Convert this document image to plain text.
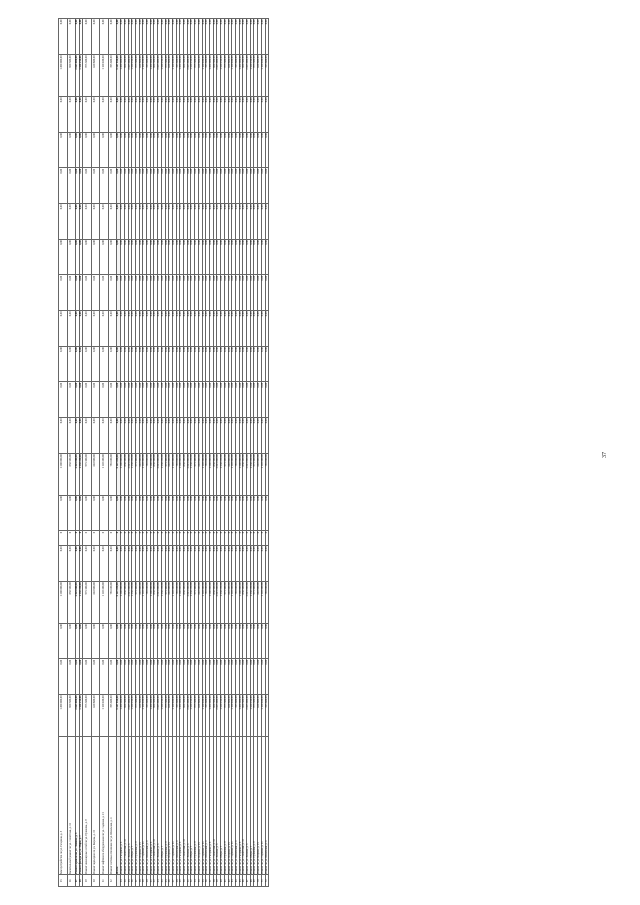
25	Благоустройство по ул. Гагарина, д. 5	1 200 000,00	0,00	0,00	1 200 000,00	0,00	0	0,00	1 200 000,00	0,00	0,00	0,00	0,00	0,00	0,00	0,00	0,00	0,00	0,00	1 200 000,00	0,00
26	Капитальный ремонт по ул. Советская, д. 12	850 500,00	0,00	0,00	850 500,00	0,00	0	0,00	850 500,00	0,00	0,00	0,00	0,00	0,00	0,00	0,00	0,00	0,00	0,00	850 500,00	0,00
27	Ремонт кровли по ул. Ленина, д. 3	2 045 000,00	0,00	0,00	2 045 000,00	0,00	0	0,00	2 045 000,00	0,00	0,00	0,00	0,00	0,00	0,00	0,00	0,00	0,00	0,00	2 045 000,00	0,00
28	Ремонт фасада по ул. Мира, д. 7	1 530 250,00	0,00	0,00	1 530 250,00	0,00	0	0,00	1 530 250,00	0,00	0,00	0,00	0,00	0,00	0,00	0,00	0,00	0,00	0,00	1 530 250,00	0,00
29	Ремонт инженерных сетей по ул. Пушкина, д. 9	975 300,00	0,00	0,00	975 300,00	0,00	0	0,00	975 300,00	0,00	0,00	0,00	0,00	0,00	0,00	0,00	0,00	0,00	0,00	975 300,00	0,00
30	Ремонт подъездов по ул. Кирова, д. 15	640 800,00	0,00	0,00	640 800,00	0,00	0	0,00	640 800,00	0,00	0,00	0,00	0,00	0,00	0,00	0,00	0,00	0,00	0,00	640 800,00	0,00
31	Ремонт лифтового оборудования по ул. Садовая, д. 21	1 120 400,00	0,00	0,00	1 120 400,00	0,00	0	0,00	1 120 400,00	0,00	0,00	0,00	0,00	0,00	0,00	0,00	0,00	0,00	0,00	1 120 400,00	0,00
32	Ремонт системы отопления по ул. Школьная, д. 4	785 600,00	0,00	0,00	785 600,00	0,00	0	0,00	785 600,00	0,00	0,00	0,00	0,00	0,00	0,00	0,00	0,00	0,00	0,00	785 600,00	0,00
	Итого	9 147 850,00	0,00	0,00	9 147 850,00	0,00	0	0,00	9 147 850,00	0,00	0,00	0,00	0,00	0,00	0,00	0,00	0,00	0,00	0,00	9 147 850,00	0,00
33	Ремонт по ул. Гагарина, д. 5	1 200 000,00	0,00	0,00	1 200 000,00	0,00	0	0,00	1 200 000,00	0,00	0,00	0,00	0,00	0,00	0,00	0,00	0,00	0,00	0,00	1 200 000,00	0,00
34	Ремонт по ул. Советская, д. 12	850 500,00	0,00	0,00	850 500,00	0,00	0	0,00	850 500,00	0,00	0,00	0,00	0,00	0,00	0,00	0,00	0,00	0,00	0,00	850 500,00	0,00
35	Ремонт по ул. Ленина, д. 3	2 045 000,00	0,00	0,00	2 045 000,00	0,00	0	0,00	2 045 000,00	0,00	0,00	0,00	0,00	0,00	0,00	0,00	0,00	0,00	0,00	2 045 000,00	0,00
36	Ремонт по ул. Мира, д. 7	1 530 250,00	0,00	0,00	1 530 250,00	0,00	0	0,00	1 530 250,00	0,00	0,00	0,00	0,00	0,00	0,00	0,00	0,00	0,00	0,00	1 530 250,00	0,00
37	Ремонт по ул. Пушкина, д. 9	975 300,00	0,00	0,00	975 300,00	0,00	0	0,00	975 300,00	0,00	0,00	0,00	0,00	0,00	0,00	0,00	0,00	0,00	0,00	975 300,00	0,00
38	Ремонт по ул. Кирова, д. 15	640 800,00	0,00	0,00	640 800,00	0,00	0	0,00	640 800,00	0,00	0,00	0,00	0,00	0,00	0,00	0,00	0,00	0,00	0,00	640 800,00	0,00
39	Ремонт по ул. Садовая, д. 21	1 120 400,00	0,00	0,00	1 120 400,00	0,00	0	0,00	1 120 400,00	0,00	0,00	0,00	0,00	0,00	0,00	0,00	0,00	0,00	0,00	1 120 400,00	0,00
40	Ремонт по ул. Школьная, д. 4	785 600,00	0,00	0,00	785 600,00	0,00	0	0,00	785 600,00	0,00	0,00	0,00	0,00	0,00	0,00	0,00	0,00	0,00	0,00	785 600,00	0,00
41	Ремонт по ул. Гагарина, д. 5	1 200 000,00	0,00	0,00	1 200 000,00	0,00	0	0,00	1 200 000,00	0,00	0,00	0,00	0,00	0,00	0,00	0,00	0,00	0,00	0,00	1 200 000,00	0,00
42	Ремонт по ул. Советская, д. 12	850 500,00	0,00	0,00	850 500,00	0,00	0	0,00	850 500,00	0,00	0,00	0,00	0,00	0,00	0,00	0,00	0,00	0,00	0,00	850 500,00	0,00
43	Ремонт по ул. Ленина, д. 3	2 045 000,00	0,00	0,00	2 045 000,00	0,00	0	0,00	2 045 000,00	0,00	0,00	0,00	0,00	0,00	0,00	0,00	0,00	0,00	0,00	2 045 000,00	0,00
44	Ремонт по ул. Мира, д. 7	1 530 250,00	0,00	0,00	1 530 250,00	0,00	0	0,00	1 530 250,00	0,00	0,00	0,00	0,00	0,00	0,00	0,00	0,00	0,00	0,00	1 530 250,00	0,00
45	Ремонт по ул. Пушкина, д. 9	975 300,00	0,00	0,00	975 300,00	0,00	0	0,00	975 300,00	0,00	0,00	0,00	0,00	0,00	0,00	0,00	0,00	0,00	0,00	975 300,00	0,00
46	Ремонт по ул. Кирова, д. 15	640 800,00	0,00	0,00	640 800,00	0,00	0	0,00	640 800,00	0,00	0,00	0,00	0,00	0,00	0,00	0,00	0,00	0,00	0,00	640 800,00	0,00
47	Ремонт по ул. Садовая, д. 21	1 120 400,00	0,00	0,00	1 120 400,00	0,00	0	0,00	1 120 400,00	0,00	0,00	0,00	0,00	0,00	0,00	0,00	0,00	0,00	0,00	1 120 400,00	0,00
48	Ремонт по ул. Школьная, д. 4	785 600,00	0,00	0,00	785 600,00	0,00	0	0,00	785 600,00	0,00	0,00	0,00	0,00	0,00	0,00	0,00	0,00	0,00	0,00	785 600,00	0,00
49	Ремонт по ул. Гагарина, д. 5	1 200 000,00	0,00	0,00	1 200 000,00	0,00	0	0,00	1 200 000,00	0,00	0,00	0,00	0,00	0,00	0,00	0,00	0,00	0,00	0,00	1 200 000,00	0,00
50	Ремонт по ул. Советская, д. 12	850 500,00	0,00	0,00	850 500,00	0,00	0	0,00	850 500,00	0,00	0,00	0,00	0,00	0,00	0,00	0,00	0,00	0,00	0,00	850 500,00	0,00
51	Ремонт по ул. Ленина, д. 3	2 045 000,00	0,00	0,00	2 045 000,00	0,00	0	0,00	2 045 000,00	0,00	0,00	0,00	0,00	0,00	0,00	0,00	0,00	0,00	0,00	2 045 000,00	0,00
52	Ремонт по ул. Мира, д. 7	1 530 250,00	0,00	0,00	1 530 250,00	0,00	0	0,00	1 530 250,00	0,00	0,00	0,00	0,00	0,00	0,00	0,00	0,00	0,00	0,00	1 530 250,00	0,00
53	Ремонт по ул. Пушкина, д. 9	975 300,00	0,00	0,00	975 300,00	0,00	0	0,00	975 300,00	0,00	0,00	0,00	0,00	0,00	0,00	0,00	0,00	0,00	0,00	975 300,00	0,00
54	Ремонт по ул. Кирова, д. 15	640 800,00	0,00	0,00	640 800,00	0,00	0	0,00	640 800,00	0,00	0,00	0,00	0,00	0,00	0,00	0,00	0,00	0,00	0,00	640 800,00	0,00
55	Ремонт по ул. Садовая, д. 21	1 120 400,00	0,00	0,00	1 120 400,00	0,00	0	0,00	1 120 400,00	0,00	0,00	0,00	0,00	0,00	0,00	0,00	0,00	0,00	0,00	1 120 400,00	0,00
56	Ремонт по ул. Школьная, д. 4	785 600,00	0,00	0,00	785 600,00	0,00	0	0,00	785 600,00	0,00	0,00	0,00	0,00	0,00	0,00	0,00	0,00	0,00	0,00	785 600,00	0,00
57	Ремонт по ул. Гагарина, д. 5	1 200 000,00	0,00	0,00	1 200 000,00	0,00	0	0,00	1 200 000,00	0,00	0,00	0,00	0,00	0,00	0,00	0,00	0,00	0,00	0,00	1 200 000,00	0,00
58	Ремонт по ул. Советская, д. 12	850 500,00	0,00	0,00	850 500,00	0,00	0	0,00	850 500,00	0,00	0,00	0,00	0,00	0,00	0,00	0,00	0,00	0,00	0,00	850 500,00	0,00
59	Ремонт по ул. Ленина, д. 3	2 045 000,00	0,00	0,00	2 045 000,00	0,00	0	0,00	2 045 000,00	0,00	0,00	0,00	0,00	0,00	0,00	0,00	0,00	0,00	0,00	2 045 000,00	0,00
60	Ремонт по ул. Мира, д. 7	1 530 250,00	0,00	0,00	1 530 250,00	0,00	0	0,00	1 530 250,00	0,00	0,00	0,00	0,00	0,00	0,00	0,00	0,00	0,00	0,00	1 530 250,00	0,00
61	Ремонт по ул. Пушкина, д. 9	975 300,00	0,00	0,00	975 300,00	0,00	0	0,00	975 300,00	0,00	0,00	0,00	0,00	0,00	0,00	0,00	0,00	0,00	0,00	975 300,00	0,00
62	Ремонт по ул. Кирова, д. 15	640 800,00	0,00	0,00	640 800,00	0,00	0	0,00	640 800,00	0,00	0,00	0,00	0,00	0,00	0,00	0,00	0,00	0,00	0,00	640 800,00	0,00
63	Ремонт по ул. Садовая, д. 21	1 120 400,00	0,00	0,00	1 120 400,00	0,00	0	0,00	1 120 400,00	0,00	0,00	0,00	0,00	0,00	0,00	0,00	0,00	0,00	0,00	1 120 400,00	0,00
64	Ремонт по ул. Школьная, д. 4	785 600,00	0,00	0,00	785 600,00	0,00	0	0,00	785 600,00	0,00	0,00	0,00	0,00	0,00	0,00	0,00	0,00	0,00	0,00	785 600,00	0,00
65	Ремонт по ул. Гагарина, д. 5	1 200 000,00	0,00	0,00	1 200 000,00	0,00	0	0,00	1 200 000,00	0,00	0,00	0,00	0,00	0,00	0,00	0,00	0,00	0,00	0,00	1 200 000,00	0,00
66	Ремонт по ул. Советская, д. 12	850 500,00	0,00	0,00	850 500,00	0,00	0	0,00	850 500,00	0,00	0,00	0,00	0,00	0,00	0,00	0,00	0,00	0,00	0,00	850 500,00	0,00
67	Ремонт по ул. Ленина, д. 3	2 045 000,00	0,00	0,00	2 045 000,00	0,00	0	0,00	2 045 000,00	0,00	0,00	0,00	0,00	0,00	0,00	0,00	0,00	0,00	0,00	2 045 000,00	0,00
68	Ремонт по ул. Мира, д. 7	1 530 250,00	0,00	0,00	1 530 250,00	0,00	0	0,00	1 530 250,00	0,00	0,00	0,00	0,00	0,00	0,00	0,00	0,00	0,00	0,00	1 530 250,00	0,00
69	Ремонт по ул. Пушкина, д. 9	975 300,00	0,00	0,00	975 300,00	0,00	0	0,00	975 300,00	0,00	0,00	0,00	0,00	0,00	0,00	0,00	0,00	0,00	0,00	975 300,00	0,00
70	Ремонт по ул. Кирова, д. 15	640 800,00	0,00	0,00	640 800,00	0,00	0	0,00	640 800,00	0,00	0,00	0,00	0,00	0,00	0,00	0,00	0,00	0,00	0,00	640 800,00	0,00
71	Ремонт по ул. Садовая, д. 21	1 120 400,00	0,00	0,00	1 120 400,00	0,00	0	0,00	1 120 400,00	0,00	0,00	0,00	0,00	0,00	0,00	0,00	0,00	0,00	0,00	1 120 400,00	0,00
72	Ремонт по ул. Школьная, д. 4	785 600,00	0,00	0,00	785 600,00	0,00	0	0,00	785 600,00	0,00	0,00	0,00	0,00	0,00	0,00	0,00	0,00	0,00	0,00	785 600,00	0,00
37
